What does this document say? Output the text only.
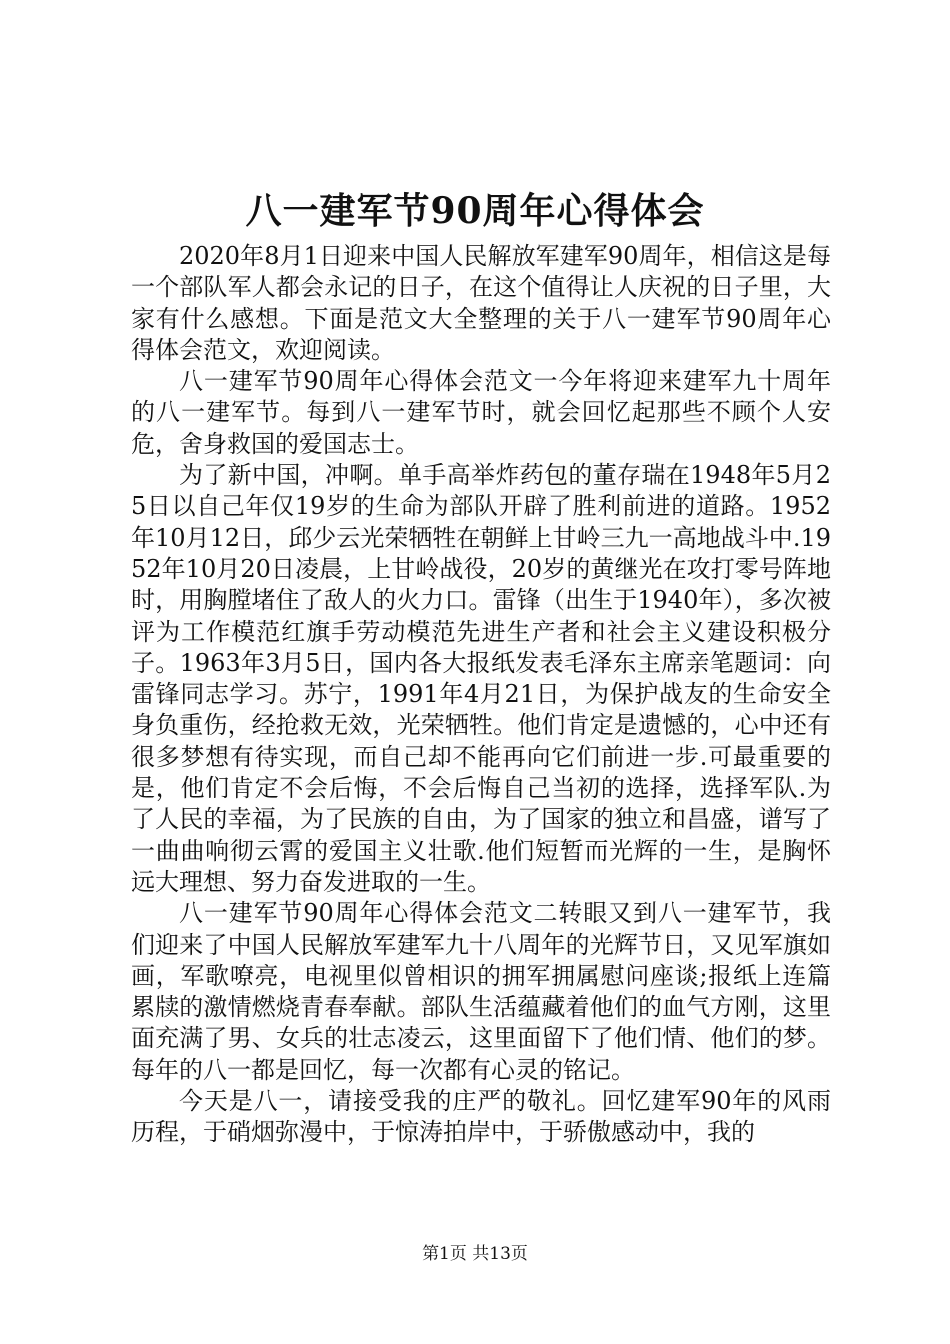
八一建军节90周年心得体会

2020年8月1日迎来中国人民解放军建军90周年，相信这是每一个部队军人都会永记的日子，在这个值得让人庆祝的日子里，大家有什么感想。下面是范文大全整理的关于八一建军节90周年心得体会范文，欢迎阅读。

八一建军节90周年心得体会范文一今年将迎来建军九十周年的八一建军节。每到八一建军节时，就会回忆起那些不顾个人安危，舍身救国的爱国志士。

为了新中国，冲啊。单手高举炸药包的董存瑞在1948年5月25日以自己年仅19岁的生命为部队开辟了胜利前进的道路。1952年10月12日，邱少云光荣牺牲在朝鲜上甘岭三九一高地战斗中.1952年10月20日凌晨，上甘岭战役，20岁的黄继光在攻打零号阵地时，用胸膛堵住了敌人的火力口。雷锋（出生于1940年），多次被评为工作模范红旗手劳动模范先进生产者和社会主义建设积极分子。1963年3月5日，国内各大报纸发表毛泽东主席亲笔题词：向雷锋同志学习。苏宁，1991年4月21日，为保护战友的生命安全身负重伤，经抢救无效，光荣牺牲。他们肯定是遗憾的，心中还有很多梦想有待实现，而自己却不能再向它们前进一步.可最重要的是，他们肯定不会后悔，不会后悔自己当初的选择，选择军队.为了人民的幸福，为了民族的自由，为了国家的独立和昌盛，谱写了一曲曲响彻云霄的爱国主义壮歌.他们短暂而光辉的一生，是胸怀远大理想、努力奋发进取的一生。

八一建军节90周年心得体会范文二转眼又到八一建军节，我们迎来了中国人民解放军建军九十八周年的光辉节日，又见军旗如画，军歌嘹亮，电视里似曾相识的拥军拥属慰问座谈;报纸上连篇累牍的激情燃烧青春奉献。部队生活蕴藏着他们的血气方刚，这里面充满了男、女兵的壮志凌云，这里面留下了他们情、他们的梦。每年的八一都是回忆，每一次都有心灵的铭记。

今天是八一，请接受我的庄严的敬礼。回忆建军90年的风雨历程，于硝烟弥漫中，于惊涛拍岸中，于骄傲感动中，我的

第1页 共13页
